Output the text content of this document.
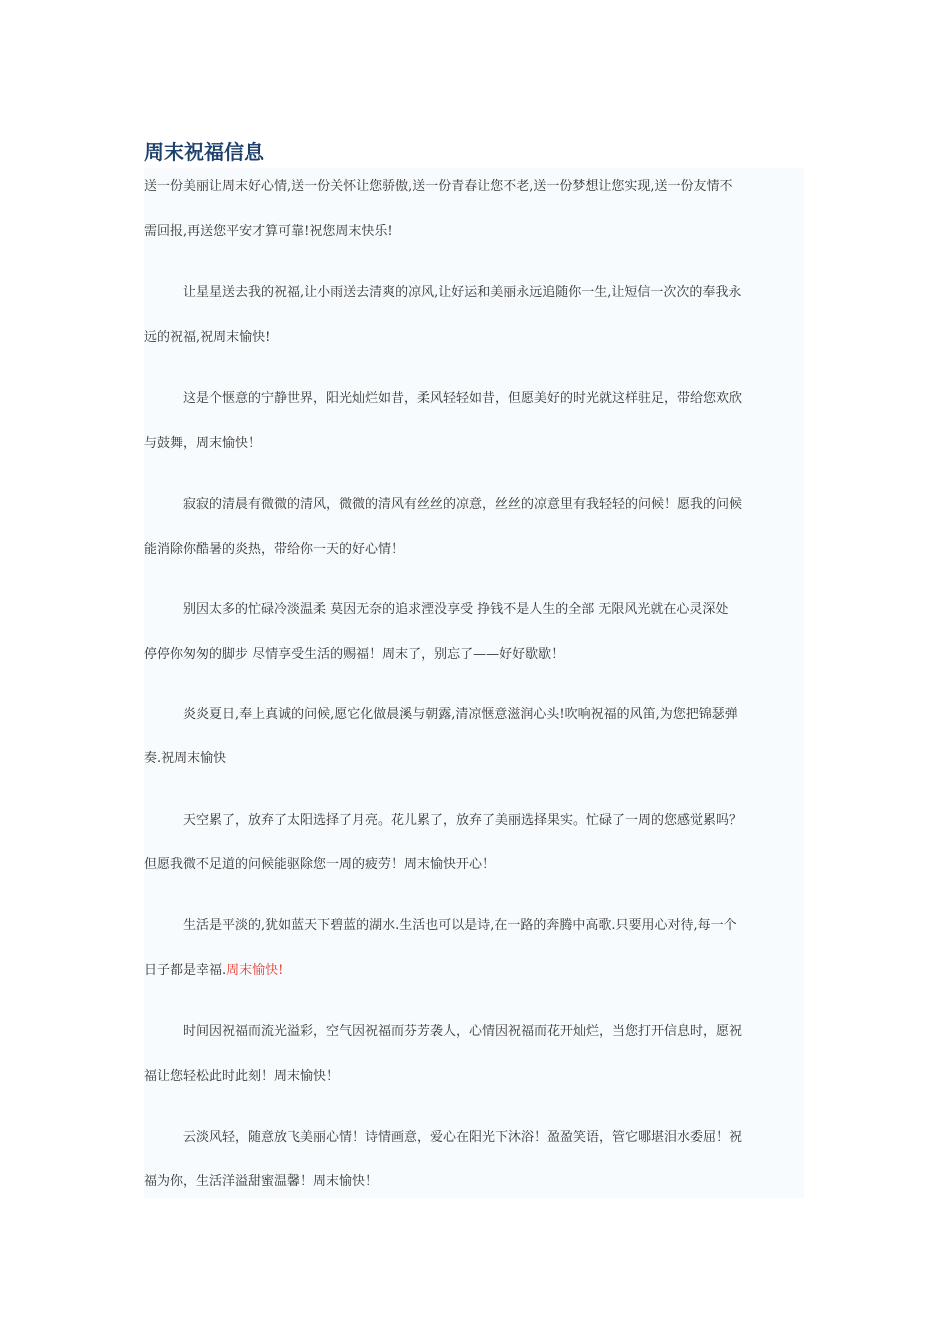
周末祝福信息

送一份美丽让周末好心情,送一份关怀让您骄傲,送一份青春让您不老,送一份梦想让您实现,送一份友情不

需回报,再送您平安才算可靠!祝您周末快乐!

让星星送去我的祝福,让小雨送去清爽的凉风,让好运和美丽永远追随你一生,让短信一次次的奉我永

远的祝福,祝周末愉快!

这是个惬意的宁静世界，阳光灿烂如昔，柔风轻轻如昔，但愿美好的时光就这样驻足，带给您欢欣

与鼓舞，周末愉快！

寂寂的清晨有微微的清风，微微的清风有丝丝的凉意，丝丝的凉意里有我轻轻的问候！愿我的问候

能消除你酷暑的炎热，带给你一天的好心情！

别因太多的忙碌冷淡温柔 莫因无奈的追求湮没享受 挣钱不是人生的全部 无限风光就在心灵深处

停停你匆匆的脚步 尽情享受生活的赐福！周末了，别忘了——好好歇歇！

炎炎夏日,奉上真诚的问候,愿它化做晨溪与朝露,清凉惬意滋润心头!吹响祝福的风笛,为您把锦瑟弹

奏.祝周末愉快

天空累了，放弃了太阳选择了月亮。花儿累了，放弃了美丽选择果实。忙碌了一周的您感觉累吗？

但愿我微不足道的问候能驱除您一周的疲劳！周末愉快开心！

生活是平淡的,犹如蓝天下碧蓝的湖水.生活也可以是诗,在一路的奔腾中高歌.只要用心对待,每一个

日子都是幸福.周末愉快!

时间因祝福而流光溢彩，空气因祝福而芬芳袭人，心情因祝福而花开灿烂，当您打开信息时，愿祝

福让您轻松此时此刻！周末愉快！

云淡风轻，随意放飞美丽心情！诗情画意，爱心在阳光下沐浴！盈盈笑语，管它哪堪泪水委屈！祝

福为你，生活洋溢甜蜜温馨！周末愉快！
